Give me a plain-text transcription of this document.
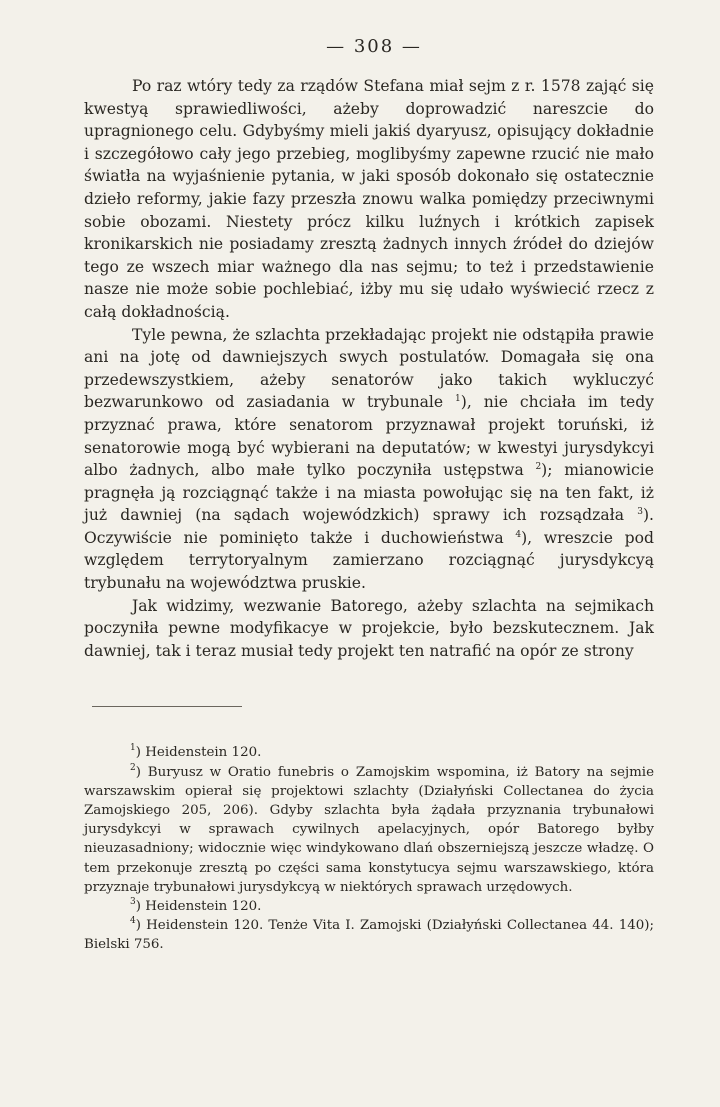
— 308 —

Po raz wtóry tedy za rządów Stefana miał sejm z r. 1578 zająć się kwestyą sprawiedliwości, ażeby doprowadzić nareszcie do upragnionego celu. Gdybyśmy mieli jakiś dyaryusz, opisujący dokładnie i szczegółowo cały jego przebieg, moglibyśmy zapewne rzucić nie mało światła na wyjaśnienie pytania, w jaki sposób dokonało się ostatecznie dzieło reformy, jakie fazy przeszła znowu walka pomiędzy przeciwnymi sobie obozami. Niestety prócz kilku luźnych i krótkich zapisek kronikarskich nie posiadamy zresztą żadnych innych źródeł do dziejów tego ze wszech miar ważnego dla nas sejmu; to też i przedstawienie nasze nie może sobie pochlebiać, iżby mu się udało wyświecić rzecz z całą dokładnością.

Tyle pewna, że szlachta przekładając projekt nie odstąpiła prawie ani na jotę od dawniejszych swych postulatów. Domagała się ona przedewszystkiem, ażeby senatorów jako takich wykluczyć bezwarunkowo od zasiadania w trybunale $^1$), nie chciała im tedy przyznać prawa, które senatorom przyznawał projekt toruński, iż senatorowie mogą być wybierani na deputatów; w kwestyi jurysdykcyi albo żadnych, albo małe tylko poczyniła ustępstwa $^2$); mianowicie pragnęła ją rozciągnąć także i na miasta powołując się na ten fakt, iż już dawniej (na sądach wojewódzkich) sprawy ich rozsądzała $^3$). Oczywiście nie pominięto także i duchowieństwa $^4$), wreszcie pod względem terrytoryalnym zamierzano rozciągnąć jurysdykcyą trybunału na województwa pruskie.

Jak widzimy, wezwanie Batorego, ażeby szlachta na sejmikach poczyniła pewne modyfikacye w projekcie, było bezskutecznem. Jak dawniej, tak i teraz musiał tedy projekt ten natrafić na opór ze strony

$^1$) Heidenstein 120.

$^2$) Buryusz w Oratio funebris o Zamojskim wspomina, iż Batory na sejmie warszawskim opierał się projektowi szlachty (Działyński Collectanea do życia Zamojskiego 205, 206). Gdyby szlachta była żądała przyznania trybunałowi jurysdykcyi w sprawach cywilnych apelacyjnych, opór Batorego byłby nieuzasadniony; widocznie więc windykowano dlań obszerniejszą jeszcze władzę. O tem przekonuje zresztą po części sama konstytucya sejmu warszawskiego, która przyznaje trybunałowi jurysdykcyą w niektórych sprawach urzędowych.

$^3$) Heidenstein 120.

$^4$) Heidenstein 120. Tenże Vita I. Zamojski (Działyński Collectanea 44. 140); Bielski 756.
